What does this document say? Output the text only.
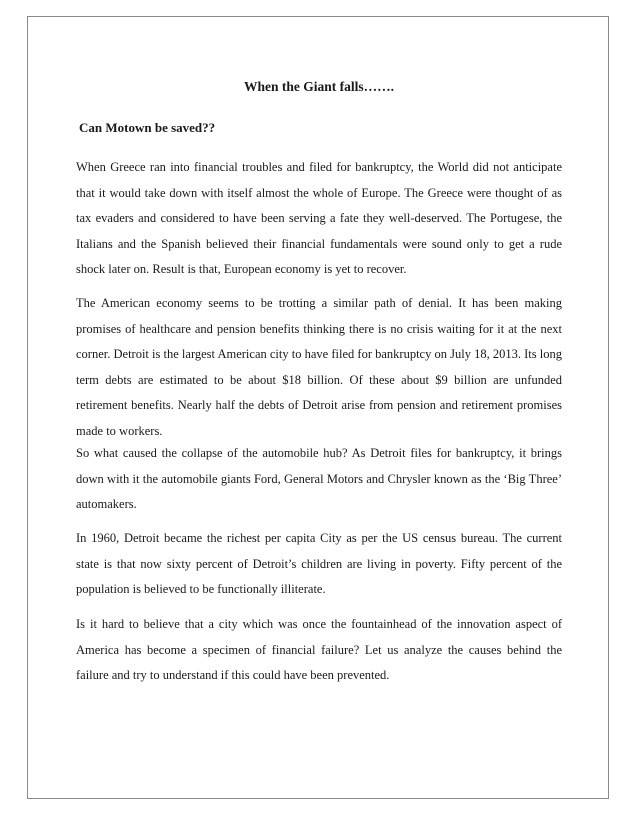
When the Giant falls…….
Can Motown be saved??

When Greece ran into financial troubles and filed for bankruptcy, the World did not anticipate that it would take down with itself almost the whole of Europe. The Greece were thought of as tax evaders and considered to have been serving a fate they well-deserved. The Portugese, the Italians and the Spanish believed their financial fundamentals were sound only to get a rude shock later on. Result is that, European economy is yet to recover.

The American economy seems to be trotting a similar path of denial. It has been making promises of healthcare and pension benefits thinking there is no crisis waiting for it at the next corner. Detroit is the largest American city to have filed for bankruptcy on July 18, 2013. Its long term debts are estimated to be about $18 billion. Of these about $9 billion are unfunded retirement benefits. Nearly half the debts of Detroit arise from pension and retirement promises made to workers.

So what caused the collapse of the automobile hub? As Detroit files for bankruptcy, it brings down with it the automobile giants Ford, General Motors and Chrysler known as the ‘Big Three’ automakers.

In 1960, Detroit became the richest per capita City as per the US census bureau. The current state is that now sixty percent of Detroit’s children are living in poverty. Fifty percent of the population is believed to be functionally illiterate.

Is it hard to believe that a city which was once the fountainhead of the innovation aspect of America has become a specimen of financial failure? Let us analyze the causes behind the failure and try to understand if this could have been prevented.
